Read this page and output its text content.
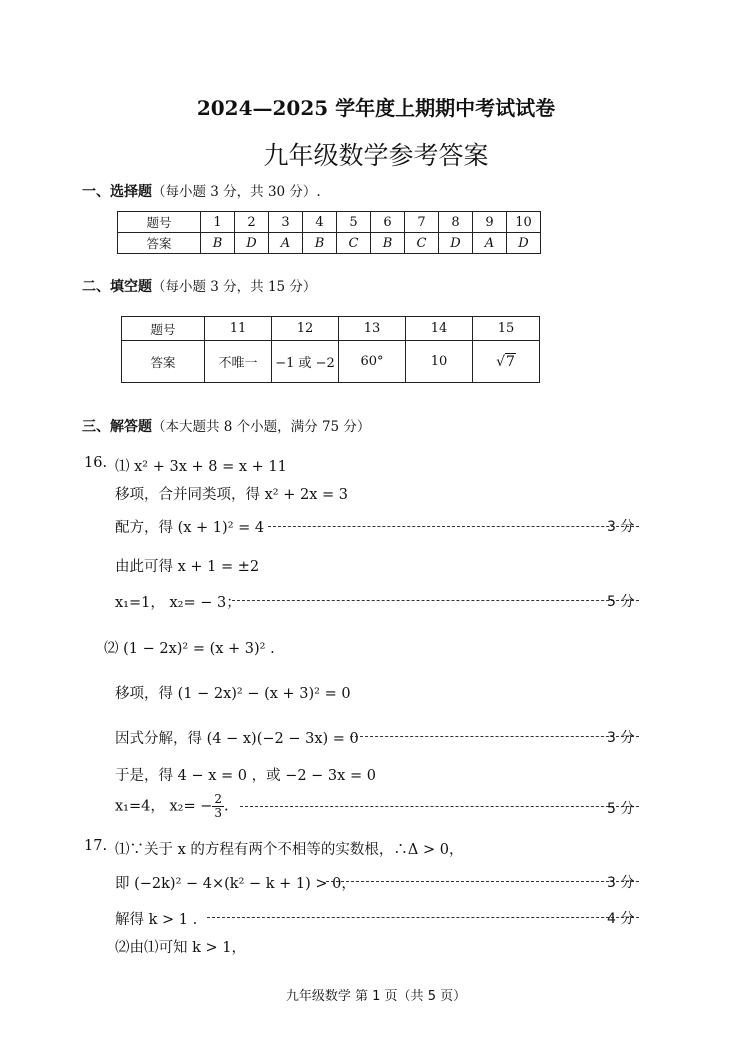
2024—2025 学年度上期期中考试试卷
九年级数学参考答案
一、选择题（每小题 3 分，共 30 分）.
题号	1	2	3	4	5	6	7	8	9	10
答案	B	D	A	B	C	B	C	D	A	D
二、填空题（每小题 3 分，共 15 分）
题号	11	12	13	14	15
答案	不唯一	−1 或 −2	60°	10	√7
三、解答题（本大题共 8 个小题，满分 75 分）
16. ⑴ x² + 3x + 8 = x + 11
移项，合并同类项，得 x² + 2x = 3
配方，得 (x + 1)² = 4	3 分
由此可得 x + 1 = ±2
x₁=1， x₂= − 3；	5 分
⑵ (1 − 2x)² = (x + 3)² .
移项，得 (1 − 2x)² − (x + 3)² = 0
因式分解，得 (4 − x)(−2 − 3x) = 0	3 分
于是，得 4 − x = 0 ，或 −2 − 3x = 0
x₁=4， $x_2= - \frac{2}{3}$ .	5 分
17. ⑴∵关于 x 的方程有两个不相等的实数根，∴Δ > 0，
即 (−2k)² − 4×(k² − k + 1) > 0，	3 分
解得 k > 1 .	4 分
⑵由⑴可知 k > 1，
九年级数学 第 1 页（共 5 页）
